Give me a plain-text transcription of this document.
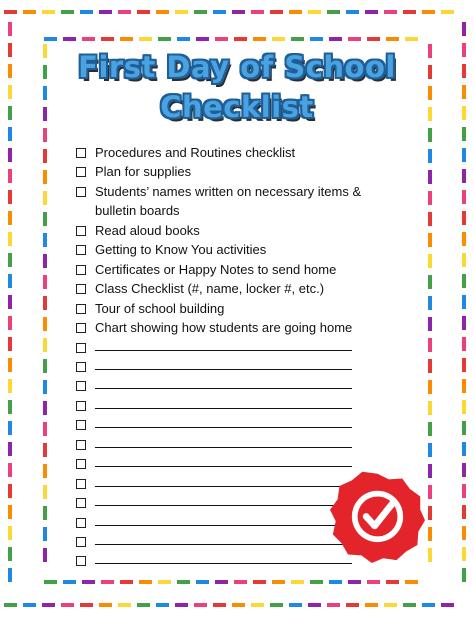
First Day of School
Checklist
Procedures and Routines checklist
Plan for supplies
Students’ names written on necessary items &
bulletin boards
Read aloud books
Getting to Know You activities
Certificates or Happy Notes to send home
Class Checklist (#, name, locker #, etc.)
Tour of school building
Chart showing how students are going home
